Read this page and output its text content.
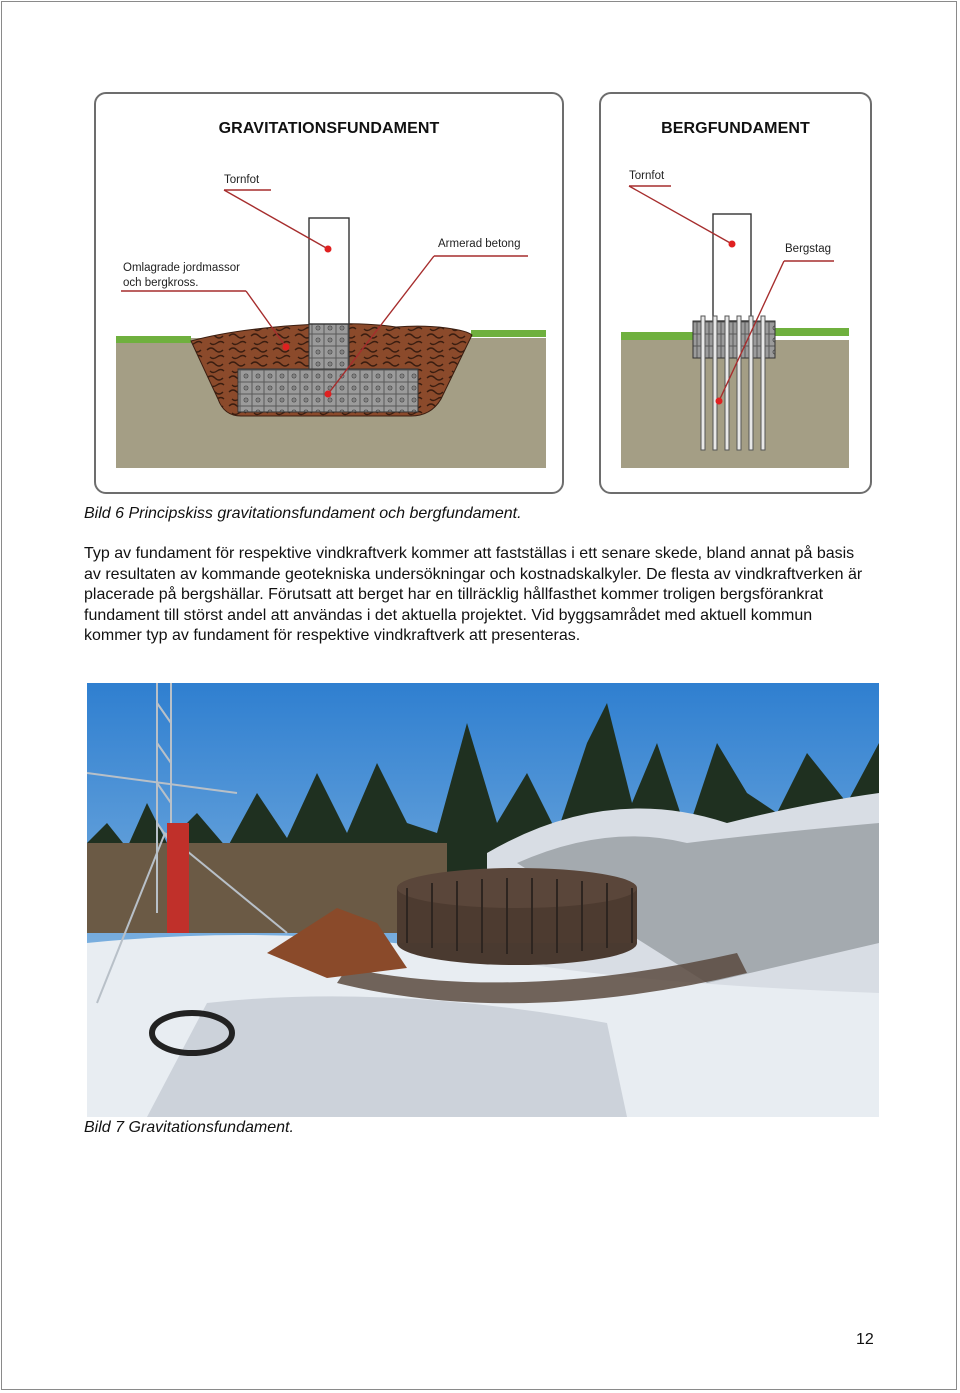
GRAVITATIONSFUNDAMENT
Tornfot
Armerad betong
Omlagrade jordmassor
och bergkross.
BERGFUNDAMENT
Tornfot
Bergstag
© Vindvision Norr AB
Bild 6 Principskiss gravitationsfundament och bergfundament.
Typ av fundament för respektive vindkraftverk kommer att fastställas i ett senare skede, bland annat på basis av resultaten av kommande geotekniska undersökningar och kostnadskalkyler. De flesta av vindkraftverken är placerade på bergshällar. Förutsatt att berget har en tillräcklig hållfasthet kommer troligen bergsförankrat fundament till störst andel att användas i det aktuella projektet. Vid byggsamrådet med aktuell kommun kommer typ av fundament för respektive vindkraftverk att presenteras.
Bild 7 Gravitationsfundament.
12
